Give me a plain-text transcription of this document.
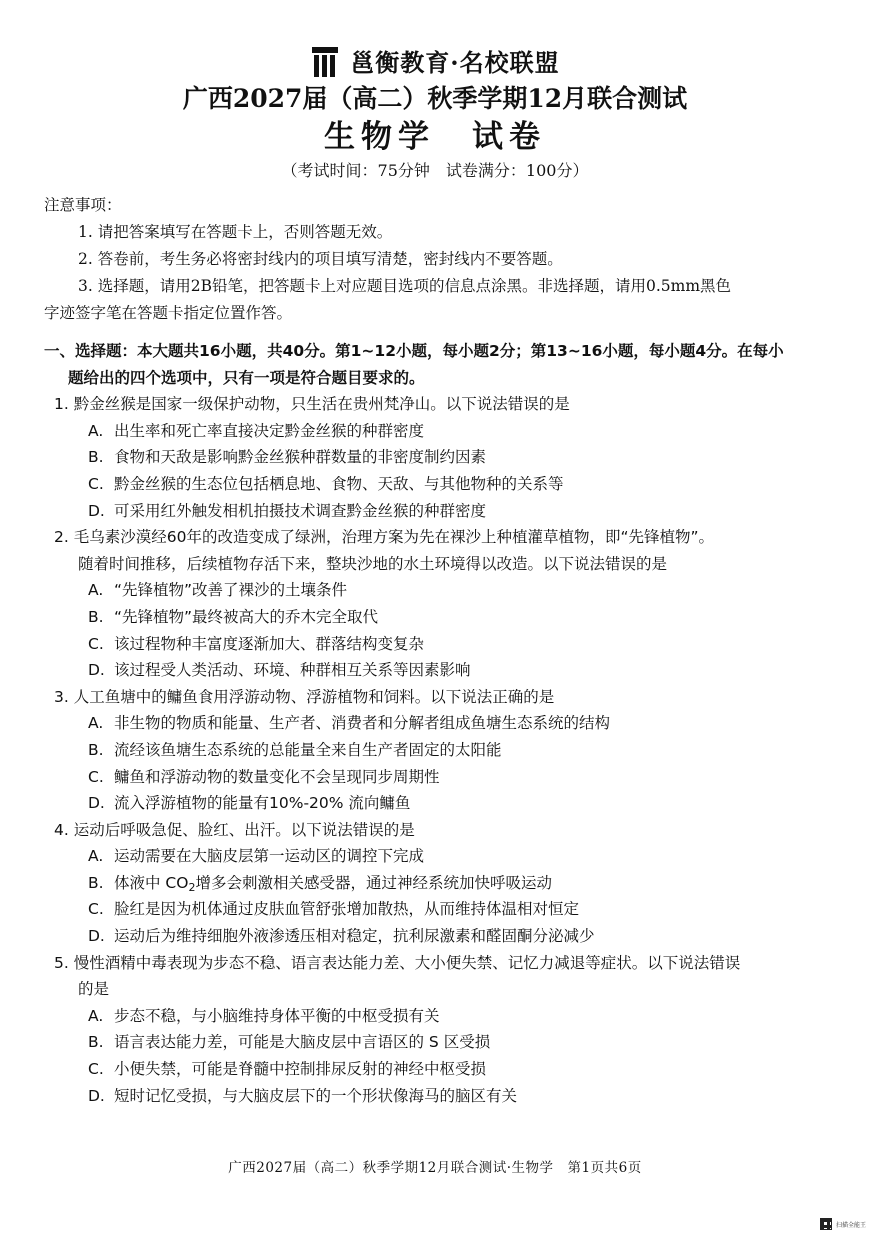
邕衡教育·名校联盟
广西2027届（高二）秋季学期12月联合测试
生物学　试卷
（考试时间：75分钟　试卷满分：100分）
注意事项：
1. 请把答案填写在答题卡上，否则答题无效。
2. 答卷前，考生务必将密封线内的项目填写清楚，密封线内不要答题。
3. 选择题，请用2B铅笔，把答题卡上对应题目选项的信息点涂黑。非选择题，请用0.5mm黑色
字迹签字笔在答题卡指定位置作答。
一、选择题：本大题共16小题，共40分。第1~12小题，每小题2分；第13~16小题，每小题4分。在每小
题给出的四个选项中，只有一项是符合题目要求的。
1. 黔金丝猴是国家一级保护动物，只生活在贵州梵净山。以下说法错误的是
A. 出生率和死亡率直接决定黔金丝猴的种群密度
B. 食物和天敌是影响黔金丝猴种群数量的非密度制约因素
C. 黔金丝猴的生态位包括栖息地、食物、天敌、与其他物种的关系等
D. 可采用红外触发相机拍摄技术调查黔金丝猴的种群密度
2. 毛乌素沙漠经60年的改造变成了绿洲，治理方案为先在裸沙上种植灌草植物，即“先锋植物”。
随着时间推移，后续植物存活下来，整块沙地的水土环境得以改造。以下说法错误的是
A. “先锋植物”改善了裸沙的土壤条件
B. “先锋植物”最终被高大的乔木完全取代
C. 该过程物种丰富度逐渐加大、群落结构变复杂
D. 该过程受人类活动、环境、种群相互关系等因素影响
3. 人工鱼塘中的鳙鱼食用浮游动物、浮游植物和饲料。以下说法正确的是
A. 非生物的物质和能量、生产者、消费者和分解者组成鱼塘生态系统的结构
B. 流经该鱼塘生态系统的总能量全来自生产者固定的太阳能
C. 鳙鱼和浮游动物的数量变化不会呈现同步周期性
D. 流入浮游植物的能量有10%-20% 流向鳙鱼
4. 运动后呼吸急促、脸红、出汗。以下说法错误的是
A. 运动需要在大脑皮层第一运动区的调控下完成
B. 体液中 $CO_2$增多会刺激相关感受器，通过神经系统加快呼吸运动
C. 脸红是因为机体通过皮肤血管舒张增加散热，从而维持体温相对恒定
D. 运动后为维持细胞外液渗透压相对稳定，抗利尿激素和醛固酮分泌减少
5. 慢性酒精中毒表现为步态不稳、语言表达能力差、大小便失禁、记忆力减退等症状。以下说法错误
的是
A. 步态不稳，与小脑维持身体平衡的中枢受损有关
B. 语言表达能力差，可能是大脑皮层中言语区的 S 区受损
C. 小便失禁，可能是脊髓中控制排尿反射的神经中枢受损
D. 短时记忆受损，与大脑皮层下的一个形状像海马的脑区有关
广西2027届（高二）秋季学期12月联合测试·生物学　第1页共6页
扫描全能王
